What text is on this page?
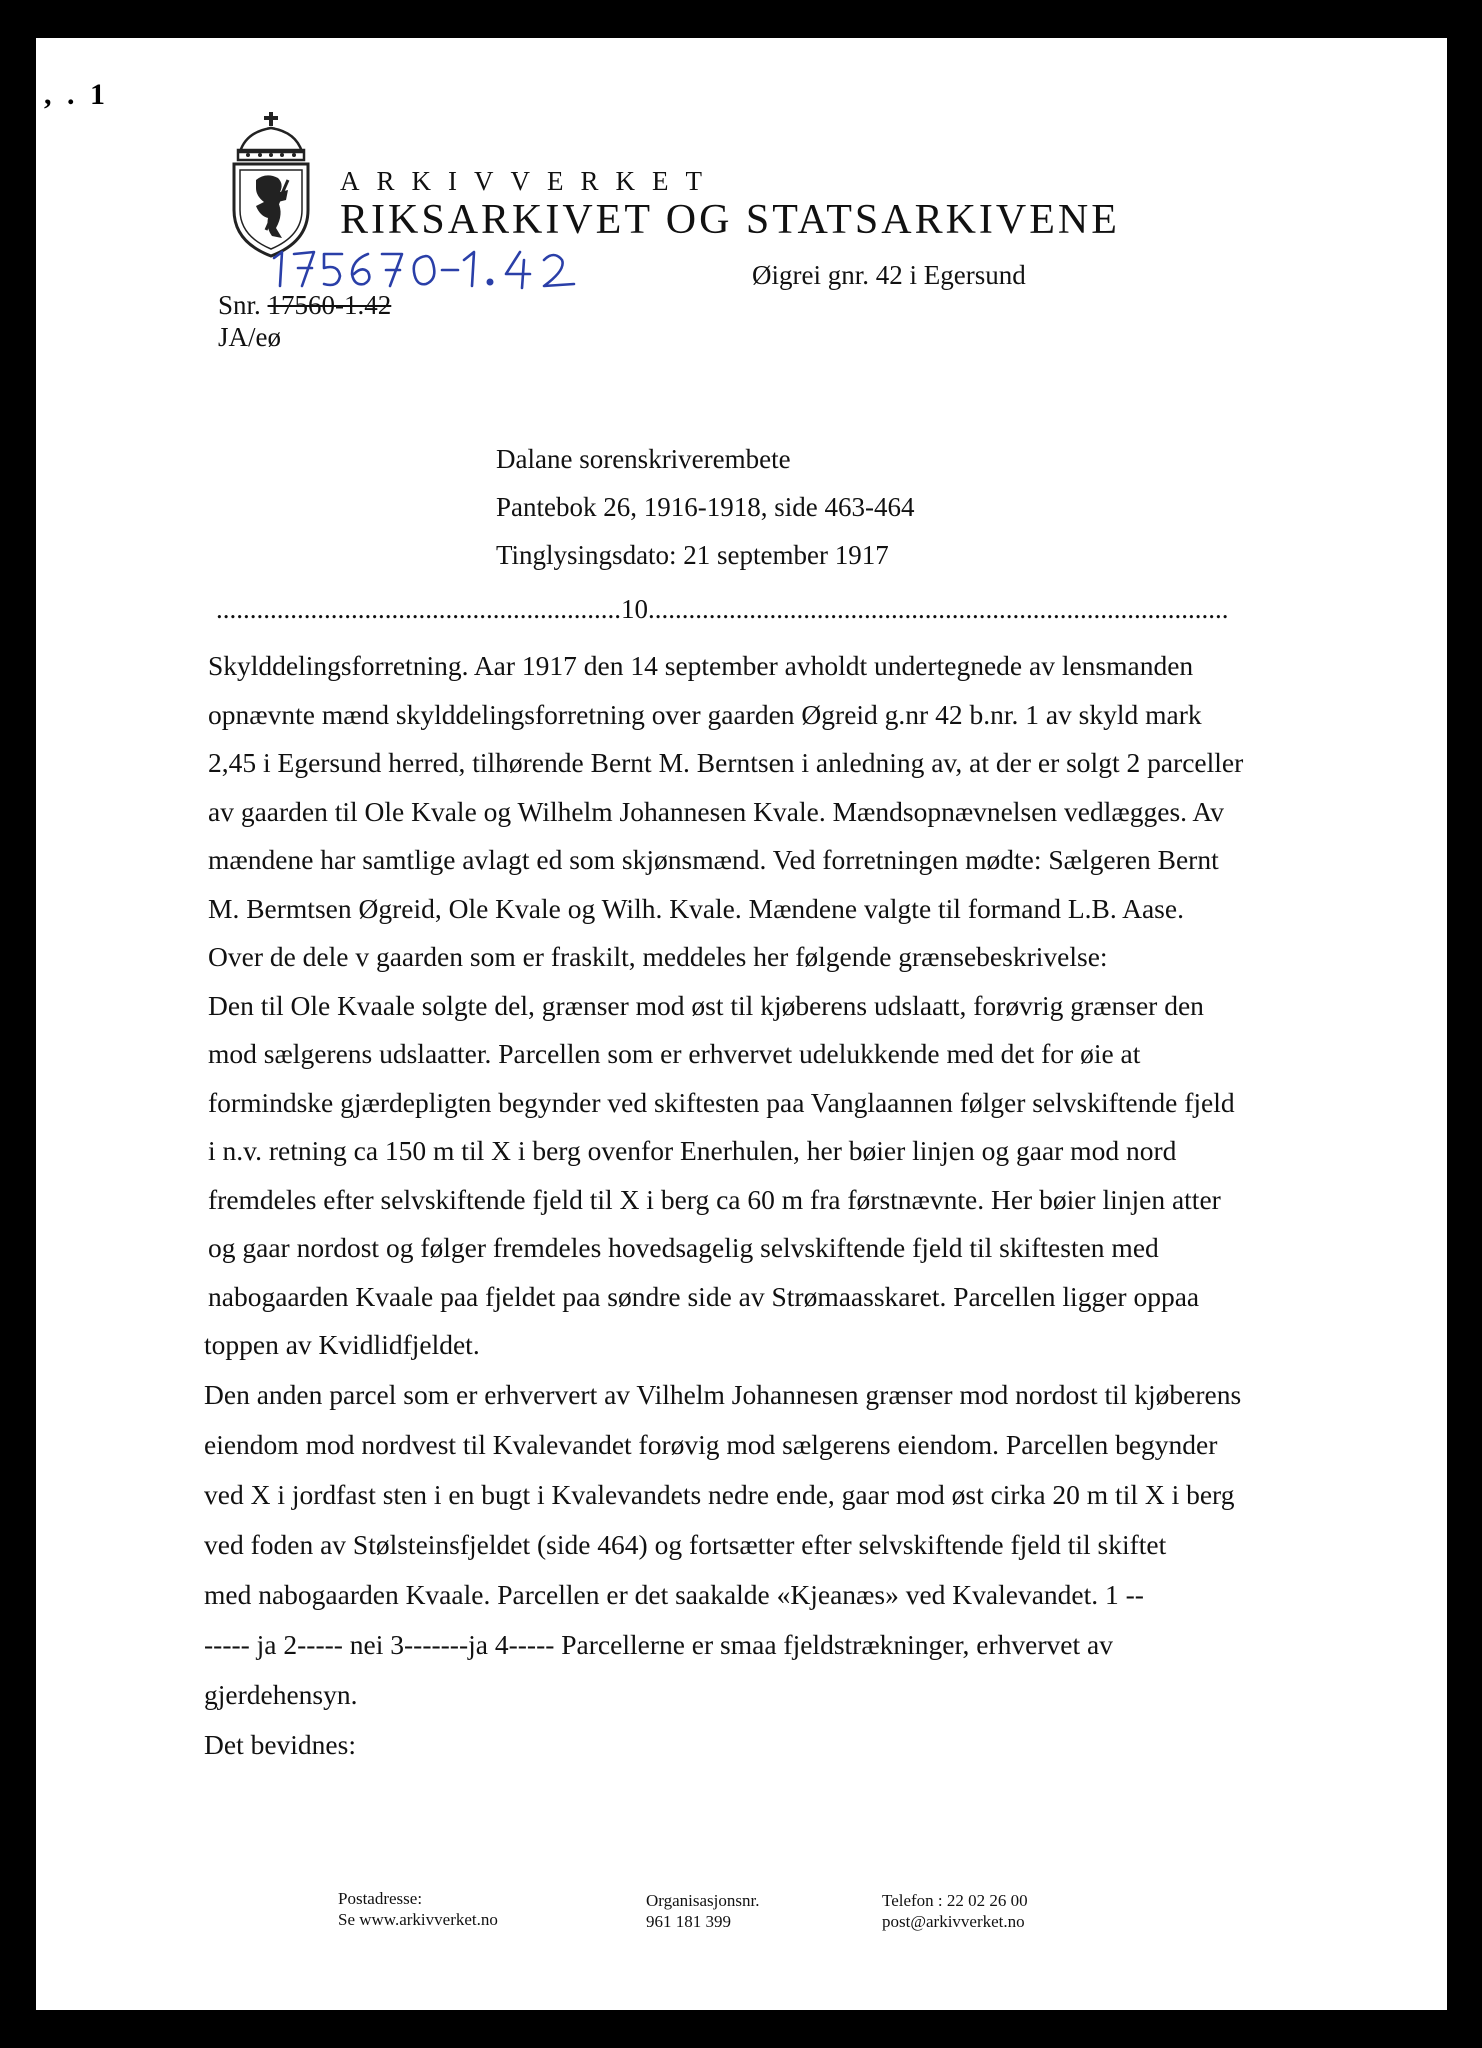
, . 1
ARKIVVERKET
RIKSARKIVET OG STATSARKIVENE
Øigrei gnr. 42 i Egersund
Snr. 17560-1.42
JA/eø
Dalane sorenskriverembete
Pantebok 26, 1916-1918, side 463-464
Tinglysingsdato: 21 september 1917
............................................................10......................................................................................
Skylddelingsforretning. Aar 1917 den 14 september avholdt undertegnede av lensmanden
opnævnte mænd skylddelingsforretning over gaarden Øgreid g.nr 42 b.nr. 1 av skyld mark
2,45 i Egersund herred, tilhørende Bernt M. Berntsen i anledning av, at der er solgt 2 parceller
av gaarden til Ole Kvale og Wilhelm Johannesen Kvale. Mændsopnævnelsen vedlægges. Av
mændene har samtlige avlagt ed som skjønsmænd. Ved forretningen mødte: Sælgeren Bernt
M. Bermtsen Øgreid, Ole Kvale og Wilh. Kvale. Mændene valgte til formand L.B. Aase.
Over de dele v gaarden som er fraskilt, meddeles her følgende grænsebeskrivelse:
Den til Ole Kvaale solgte del, grænser mod øst til kjøberens udslaatt, forøvrig grænser den
mod sælgerens udslaatter. Parcellen som er erhvervet udelukkende med det for øie at
formindske gjærdepligten begynder ved skiftesten paa Vanglaannen følger selvskiftende fjeld
i n.v. retning ca 150 m til X i berg ovenfor Enerhulen, her bøier linjen og gaar mod nord
fremdeles efter selvskiftende fjeld til X i berg ca 60 m fra førstnævnte. Her bøier linjen atter
og gaar nordost og følger fremdeles hovedsagelig selvskiftende fjeld til skiftesten med
nabogaarden Kvaale paa fjeldet paa søndre side av Strømaasskaret. Parcellen ligger oppaa
toppen av Kvidlidfjeldet.
Den anden parcel som er erhververt av Vilhelm Johannesen grænser mod nordost til kjøberens
eiendom mod nordvest til Kvalevandet forøvig mod sælgerens eiendom. Parcellen begynder
ved X i jordfast sten i en bugt i Kvalevandets nedre ende, gaar mod øst cirka 20 m til X i berg
ved foden av Stølsteinsfjeldet (side 464) og fortsætter efter selvskiftende fjeld til skiftet
med nabogaarden Kvaale. Parcellen er det saakalde «Kjeanæs» ved Kvalevandet. 1 --
----- ja 2----- nei 3-------ja 4----- Parcellerne er smaa fjeldstrækninger, erhvervet av
gjerdehensyn.
Det bevidnes:
Postadresse:
Se www.arkivverket.no
Organisasjonsnr.
961 181 399
Telefon : 22 02 26 00
post@arkivverket.no
